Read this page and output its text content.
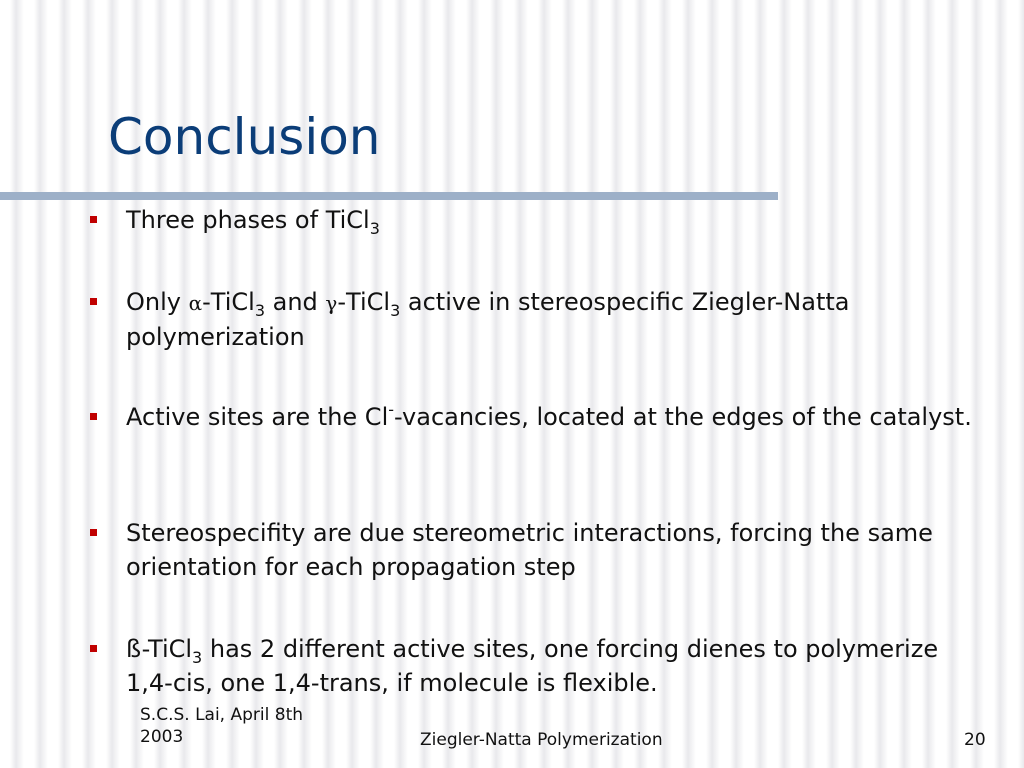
Conclusion
Three phases of TiCl$_3$
Only α-TiCl$_3$ and γ-TiCl$_3$ active in stereospecific Ziegler-Natta polymerization
Active sites are the Cl--vacancies, located at the edges of the catalyst.
Stereospecifity are due stereometric interactions, forcing the same orientation for each propagation step
ß-TiCl$_3$ has 2 different active sites, one forcing dienes to polymerize 1,4-cis, one 1,4-trans, if molecule is flexible.
S.C.S. Lai, April 8th 2003	Ziegler-Natta Polymerization	20
